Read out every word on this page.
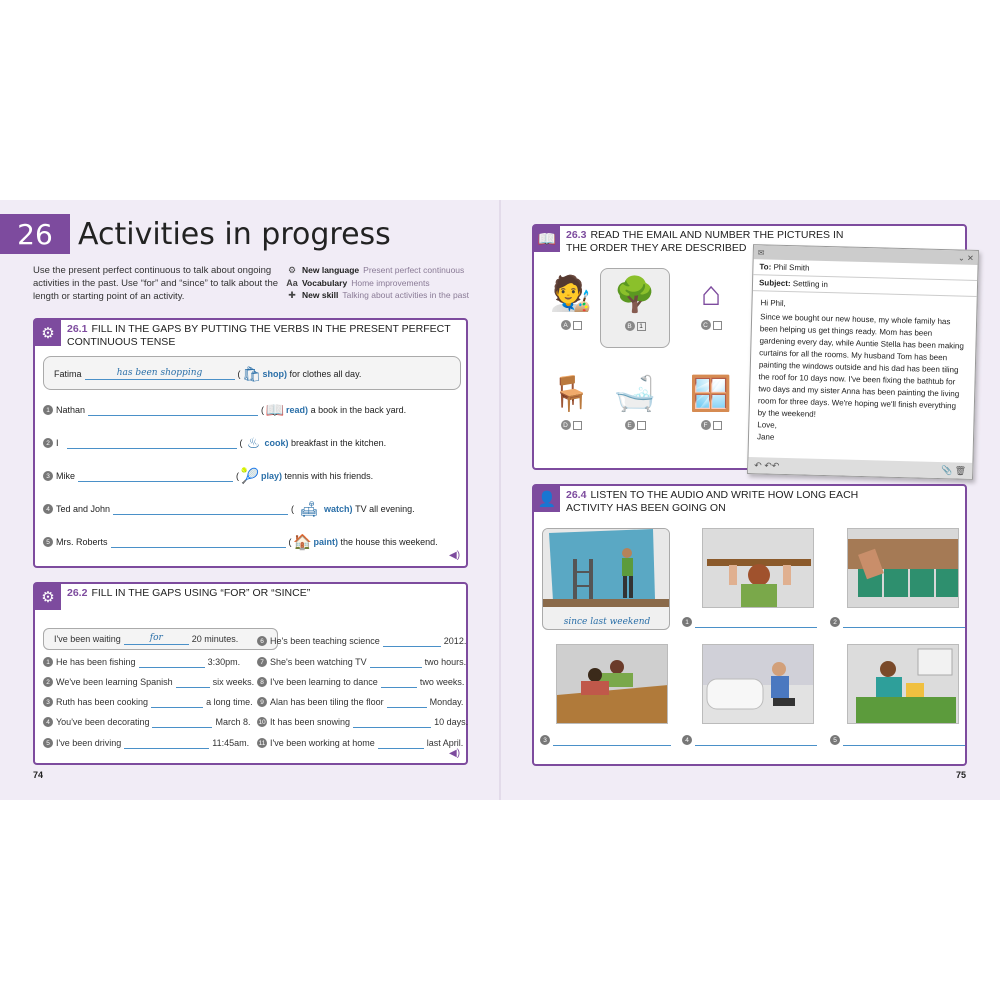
26 Activities in progress
Use the present perfect continuous to talk about ongoing activities in the past. Use “for” and “since” to talk about the length or starting point of an activity.
⚙ New language Present perfect continuous
Aa Vocabulary Home improvements
✚ New skill Talking about activities in the past
⚙	26.1 FILL IN THE GAPS BY PUTTING THE VERBS IN THE PRESENT PERFECT CONTINUOUS TENSE
Fatima	has been shopping	( 🛍 shop)
for clothes all day.
1 Nathan	( 📖 read)
a book in the back yard.
2 I	( ♨ cook)
breakfast in the kitchen.
3 Mike	( 🎾 play)
tennis with his friends.
4 Ted and John	( 🛋 watch)
TV all evening.
5 Mrs. Roberts	( 🏠 paint)
the house this weekend.
◀)
⚙	26.2 FILL IN THE GAPS USING “FOR” OR “SINCE”
I've been waiting	for	20 minutes.
1 He has been fishing	3:30pm.
2 We've been learning Spanish	six weeks.
3 Ruth has been cooking	a long time.
4 You've been decorating	March 8.
5 I've been driving	11:45am.
6 He's been teaching science	2012.
7 She's been watching TV	two hours.
8 I've been learning to dance	two weeks.
9 Alan has been tiling the floor	Monday.
10 It has been snowing	10 days.
11 I've been working at home	last April.
◀)
📖 26.3 READ THE EMAIL AND NUMBER THE PICTURES IN THE ORDER THEY ARE DESCRIBED
🧑‍🎨
A
🌳
B	1
⌂
C
🪑
D
🛁
E
🪟
F
✉
⌄ ✕
To: Phil Smith
Subject: Settling in

Hi Phil,

Since we bought our new house, my whole family has been helping us get things ready. Mom has been gardening every day, while Auntie Stella has been making curtains for all the rooms. My husband Tom has been painting the windows outside and his dad has been tiling the roof for 10 days now. I've been fixing the bathtub for two days and my sister Anna has been painting the living room for three days. We're hoping we'll finish everything by the weekend!

Love,

Jane

↶ ↶↶	📎 🗑
👤 26.4 LISTEN TO THE AUDIO AND WRITE HOW LONG EACH ACTIVITY HAS BEEN GOING ON
since last weekend	1	2
3	4	5
74	75
